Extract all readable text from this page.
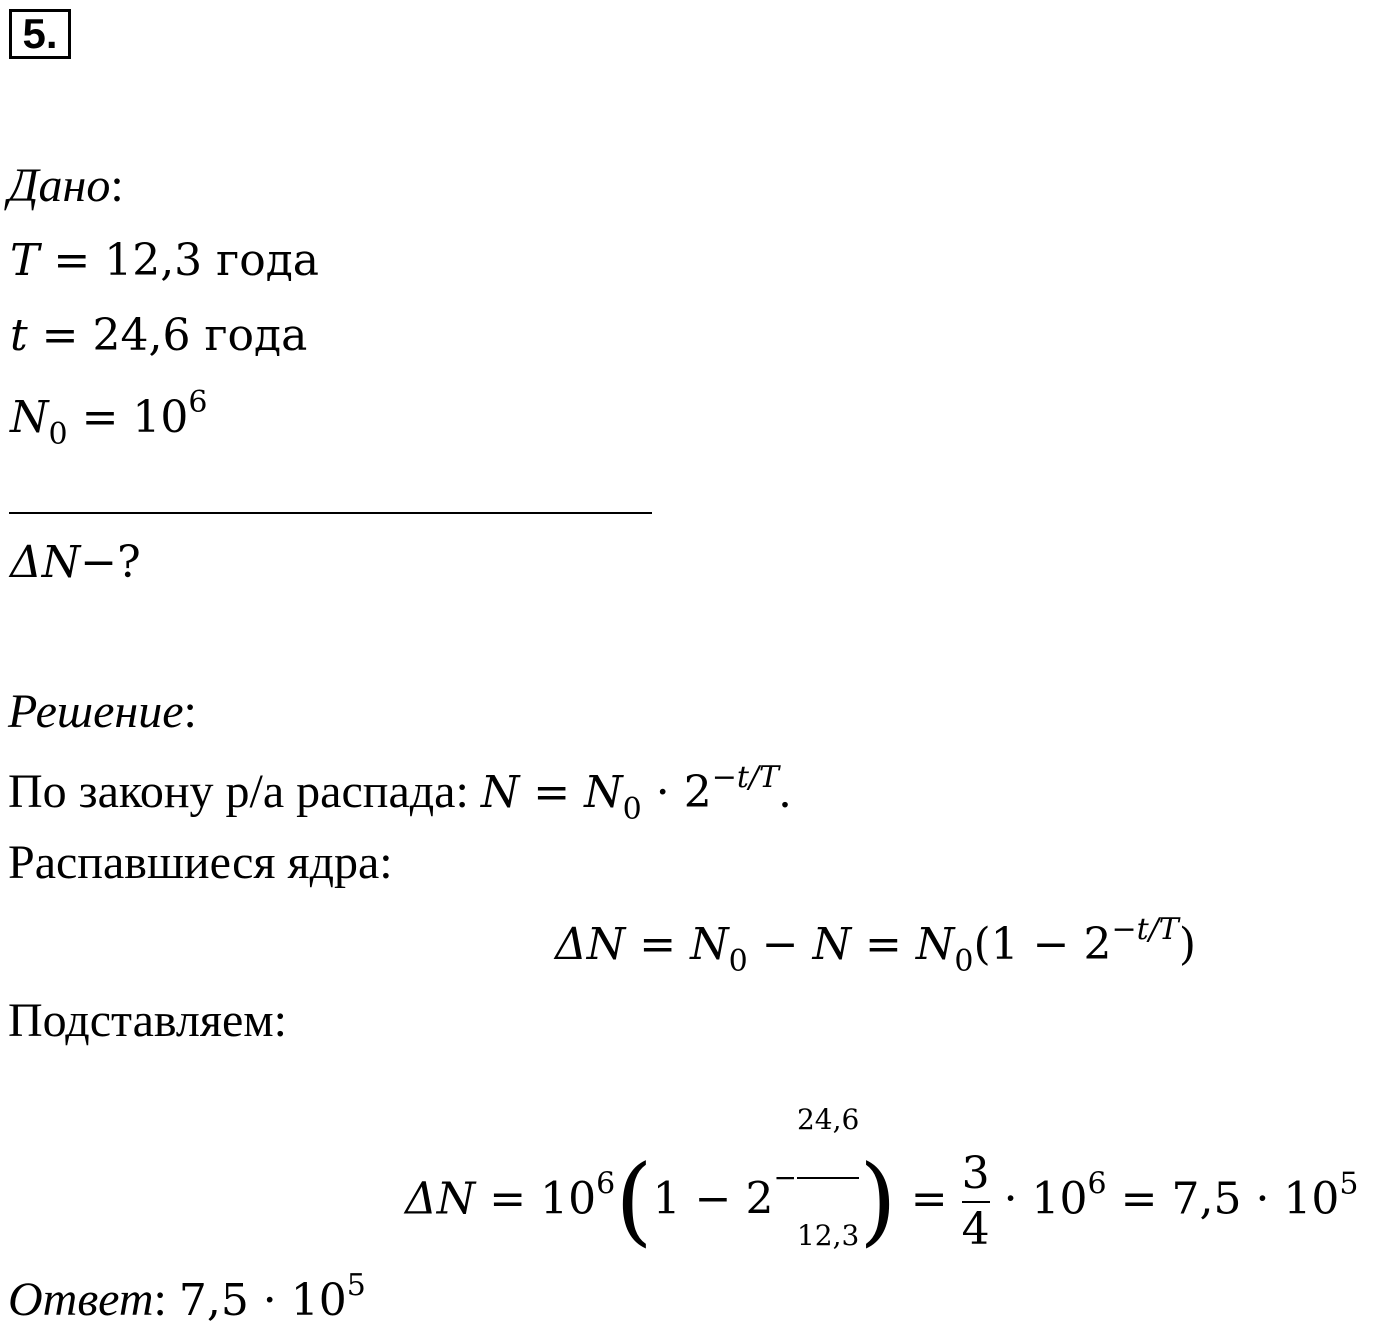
5.
Дано:
T = 12,3 года
t = 24,6 года
$N_0 = 10^6$
ΔN−?
Решение:
По закону р/а распада: $N = N_0 \cdot 2^{-t/T}$.
Распавшиеся ядра:
$\Delta N = N_0 - N = N_0(1 - 2^{-t/T})$
Подставляем:
$\Delta N = 10^6(1 - 2- \frac{24,6}{12,3}$ ) = $\frac{3}{4} \cdot 10^6 = 7,5 \cdot 10^5$
Ответ: $7,5 \cdot 10^5$
